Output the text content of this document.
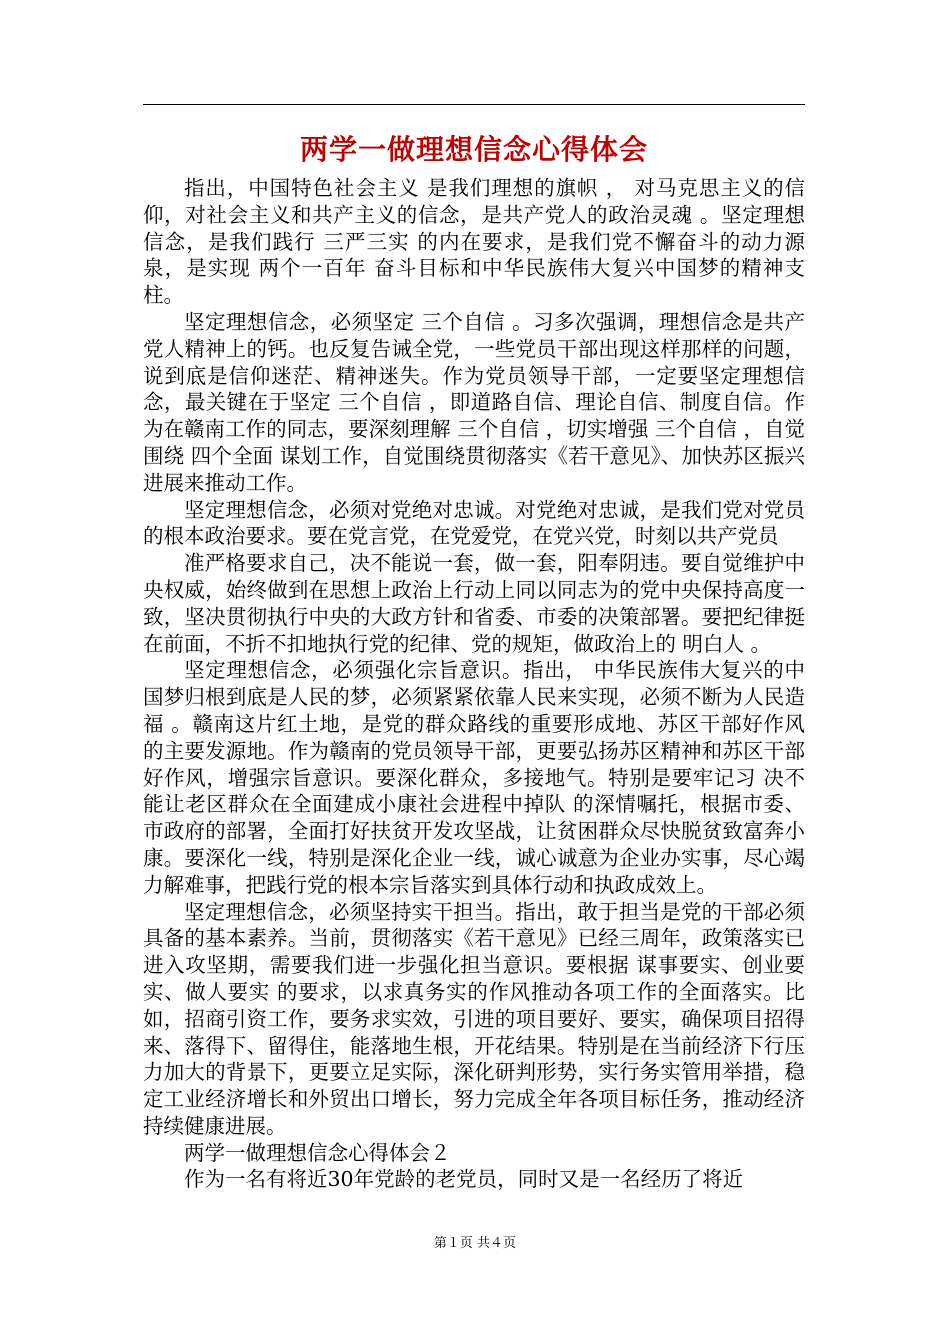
两学一做理想信念心得体会

指出，中国特色社会主义 是我们理想的旗帜 ， 对马克思主义的信仰，对社会主义和共产主义的信念，是共产党人的政治灵魂 。坚定理想信念，是我们践行 三严三实 的内在要求，是我们党不懈奋斗的动力源泉，是实现 两个一百年 奋斗目标和中华民族伟大复兴中国梦的精神支柱。

坚定理想信念，必须坚定 三个自信 。习多次强调，理想信念是共产党人精神上的钙。也反复告诫全党，一些党员干部出现这样那样的问题，说到底是信仰迷茫、精神迷失。作为党员领导干部，一定要坚定理想信念，最关键在于坚定 三个自信 ，即道路自信、理论自信、制度自信。作为在赣南工作的同志，要深刻理解 三个自信 ，切实增强 三个自信 ，自觉围绕 四个全面 谋划工作，自觉围绕贯彻落实《若干意见》、加快苏区振兴进展来推动工作。

坚定理想信念，必须对党绝对忠诚。对党绝对忠诚，是我们党对党员的根本政治要求。要在党言党，在党爱党，在党兴党，时刻以共产党员

准严格要求自己，决不能说一套，做一套，阳奉阴违。要自觉维护中央权威，始终做到在思想上政治上行动上同以同志为的党中央保持高度一致，坚决贯彻执行中央的大政方针和省委、市委的决策部署。要把纪律挺在前面，不折不扣地执行党的纪律、党的规矩，做政治上的 明白人 。

坚定理想信念，必须强化宗旨意识。指出， 中华民族伟大复兴的中国梦归根到底是人民的梦，必须紧紧依靠人民来实现，必须不断为人民造福 。赣南这片红土地，是党的群众路线的重要形成地、苏区干部好作风的主要发源地。作为赣南的党员领导干部，更要弘扬苏区精神和苏区干部好作风，增强宗旨意识。要深化群众，多接地气。特别是要牢记习 决不能让老区群众在全面建成小康社会进程中掉队 的深情嘱托，根据市委、市政府的部署，全面打好扶贫开发攻坚战，让贫困群众尽快脱贫致富奔小康。要深化一线，特别是深化企业一线，诚心诚意为企业办实事，尽心竭力解难事，把践行党的根本宗旨落实到具体行动和执政成效上。

坚定理想信念，必须坚持实干担当。指出，敢于担当是党的干部必须具备的基本素养。当前，贯彻落实《若干意见》已经三周年，政策落实已进入攻坚期，需要我们进一步强化担当意识。要根据 谋事要实、创业要实、做人要实 的要求，以求真务实的作风推动各项工作的全面落实。比如，招商引资工作，要务求实效，引进的项目要好、要实，确保项目招得来、落得下、留得住，能落地生根，开花结果。特别是在当前经济下行压力加大的背景下，更要立足实际，深化研判形势，实行务实管用举措，稳定工业经济增长和外贸出口增长，努力完成全年各项目标任务，推动经济持续健康进展。

两学一做理想信念心得体会２

作为一名有将近30年党龄的老党员，同时又是一名经历了将近

第１页 共４页
